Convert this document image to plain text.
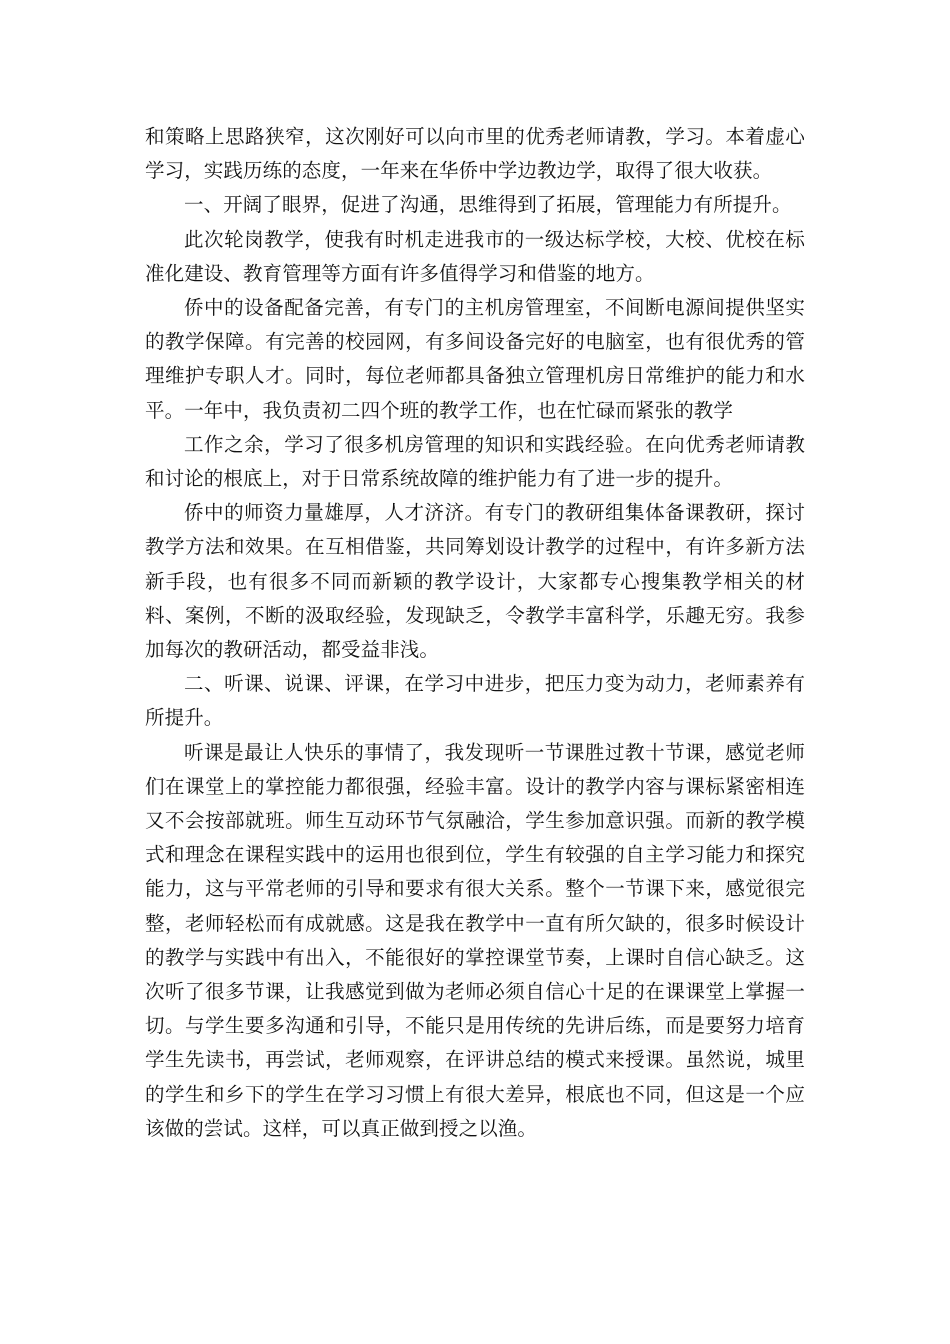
和策略上思路狭窄，这次刚好可以向市里的优秀老师请教，学习。本着虚心学习，实践历练的态度，一年来在华侨中学边教边学，取得了很大收获。

一、开阔了眼界，促进了沟通，思维得到了拓展，管理能力有所提升。

此次轮岗教学，使我有时机走进我市的一级达标学校，大校、优校在标准化建设、教育管理等方面有许多值得学习和借鉴的地方。

侨中的设备配备完善，有专门的主机房管理室，不间断电源间提供坚实的教学保障。有完善的校园网，有多间设备完好的电脑室，也有很优秀的管理维护专职人才。同时，每位老师都具备独立管理机房日常维护的能力和水平。一年中，我负责初二四个班的教学工作，也在忙碌而紧张的教学

工作之余，学习了很多机房管理的知识和实践经验。在向优秀老师请教和讨论的根底上，对于日常系统故障的维护能力有了进一步的提升。

侨中的师资力量雄厚，人才济济。有专门的教研组集体备课教研，探讨教学方法和效果。在互相借鉴，共同筹划设计教学的过程中，有许多新方法新手段，也有很多不同而新颖的教学设计，大家都专心搜集教学相关的材料、案例，不断的汲取经验，发现缺乏，令教学丰富科学，乐趣无穷。我参加每次的教研活动，都受益非浅。

二、听课、说课、评课，在学习中进步，把压力变为动力，老师素养有所提升。

听课是最让人快乐的事情了，我发现听一节课胜过教十节课，感觉老师们在课堂上的掌控能力都很强，经验丰富。设计的教学内容与课标紧密相连又不会按部就班。师生互动环节气氛融洽，学生参加意识强。而新的教学模式和理念在课程实践中的运用也很到位，学生有较强的自主学习能力和探究能力，这与平常老师的引导和要求有很大关系。整个一节课下来，感觉很完整，老师轻松而有成就感。这是我在教学中一直有所欠缺的，很多时候设计的教学与实践中有出入，不能很好的掌控课堂节奏，上课时自信心缺乏。这次听了很多节课，让我感觉到做为老师必须自信心十足的在课课堂上掌握一切。与学生要多沟通和引导，不能只是用传统的先讲后练，而是要努力培育学生先读书，再尝试，老师观察，在评讲总结的模式来授课。虽然说，城里的学生和乡下的学生在学习习惯上有很大差异，根底也不同，但这是一个应该做的尝试。这样，可以真正做到授之以渔。
